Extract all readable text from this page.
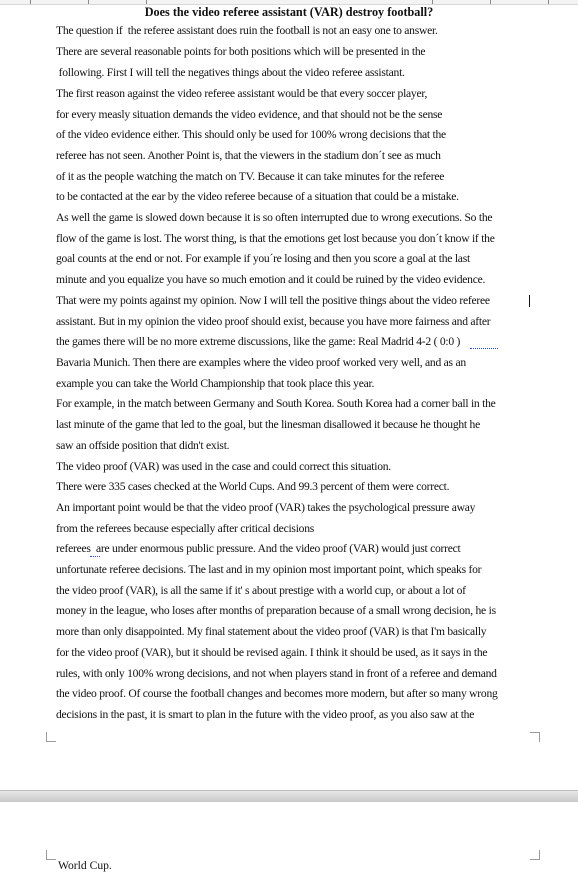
Does the video referee assistant (VAR) destroy football?

The question if  the referee assistant does ruin the football is not an easy one to answer.

There are several reasonable points for both positions which will be presented in the

following. First I will tell the negatives things about the video referee assistant.

The first reason against the video referee assistant would be that every soccer player,

for every measly situation demands the video evidence, and that should not be the sense

of the video evidence either. This should only be used for 100% wrong decisions that the

referee has not seen. Another Point is, that the viewers in the stadium don´t see as much

of it as the people watching the match on TV. Because it can take minutes for the referee

to be contacted at the ear by the video referee because of a situation that could be a mistake.

As well the game is slowed down because it is so often interrupted due to wrong executions. So the

flow of the game is lost. The worst thing, is that the emotions get lost because you don´t know if the

goal counts at the end or not. For example if you´re losing and then you score a goal at the last

minute and you equalize you have so much emotion and it could be ruined by the video evidence.

That were my points against my opinion. Now I will tell the positive things about the video referee

assistant. But in my opinion the video proof should exist, because you have more fairness and after

the games there will be no more extreme discussions, like the game: Real Madrid 4-2 ( 0:0 )

Bavaria Munich. Then there are examples where the video proof worked very well, and as an

example you can take the World Championship that took place this year.

For example, in the match between Germany and South Korea. South Korea had a corner ball in the

last minute of the game that led to the goal, but the linesman disallowed it because he thought he

saw an offside position that didn't exist.

The video proof (VAR) was used in the case and could correct this situation.

There were 335 cases checked at the World Cups. And 99.3 percent of them were correct.

An important point would be that the video proof (VAR) takes the psychological pressure away

from the referees because especially after critical decisions

referees  are under enormous public pressure. And the video proof (VAR) would just correct

unfortunate referee decisions. The last and in my opinion most important point, which speaks for

the video proof (VAR), is all the same if it' s about prestige with a world cup, or about a lot of

money in the league, who loses after months of preparation because of a small wrong decision, he is

more than only disappointed. My final statement about the video proof (VAR) is that I'm basically

for the video proof (VAR), but it should be revised again. I think it should be used, as it says in the

rules, with only 100% wrong decisions, and not when players stand in front of a referee and demand

the video proof. Of course the football changes and becomes more modern, but after so many wrong

decisions in the past, it is smart to plan in the future with the video proof, as you also saw at the

World Cup.
